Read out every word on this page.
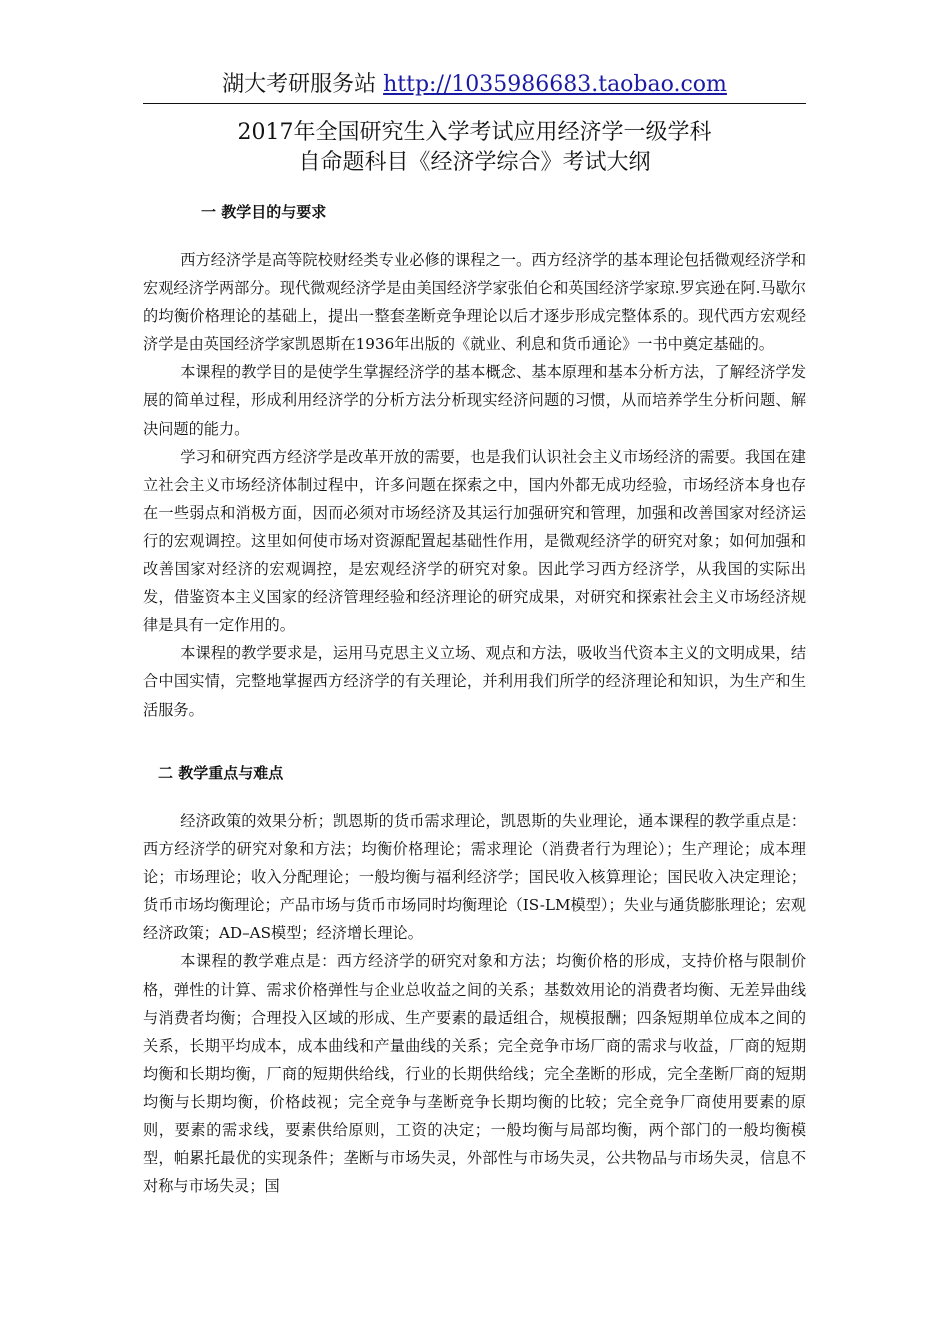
湖大考研服务站 http://1035986683.taobao.com
2017年全国研究生入学考试应用经济学一级学科
自命题科目《经济学综合》考试大纲
一 教学目的与要求

西方经济学是高等院校财经类专业必修的课程之一。西方经济学的基本理论包括微观经济学和宏观经济学两部分。现代微观经济学是由美国经济学家张伯仑和英国经济学家琼.罗宾逊在阿.马歇尔的均衡价格理论的基础上，提出一整套垄断竞争理论以后才逐步形成完整体系的。现代西方宏观经济学是由英国经济学家凯恩斯在1936年出版的《就业、利息和货币通论》一书中奠定基础的。

本课程的教学目的是使学生掌握经济学的基本概念、基本原理和基本分析方法，了解经济学发展的简单过程，形成利用经济学的分析方法分析现实经济问题的习惯，从而培养学生分析问题、解决问题的能力。

学习和研究西方经济学是改革开放的需要，也是我们认识社会主义市场经济的需要。我国在建立社会主义市场经济体制过程中，许多问题在探索之中，国内外都无成功经验，市场经济本身也存在一些弱点和消极方面，因而必须对市场经济及其运行加强研究和管理，加强和改善国家对经济运行的宏观调控。这里如何使市场对资源配置起基础性作用，是微观经济学的研究对象；如何加强和改善国家对经济的宏观调控，是宏观经济学的研究对象。因此学习西方经济学，从我国的实际出发，借鉴资本主义国家的经济管理经验和经济理论的研究成果，对研究和探索社会主义市场经济规律是具有一定作用的。

本课程的教学要求是，运用马克思主义立场、观点和方法，吸收当代资本主义的文明成果，结合中国实情，完整地掌握西方经济学的有关理论，并利用我们所学的经济理论和知识，为生产和生活服务。

二 教学重点与难点

经济政策的效果分析；凯恩斯的货币需求理论，凯恩斯的失业理论，通本课程的教学重点是：西方经济学的研究对象和方法；均衡价格理论；需求理论（消费者行为理论）；生产理论；成本理论；市场理论；收入分配理论；一般均衡与福利经济学；国民收入核算理论；国民收入决定理论；货币市场均衡理论；产品市场与货币市场同时均衡理论（IS-LM模型）；失业与通货膨胀理论；宏观经济政策；AD–AS模型；经济增长理论。

本课程的教学难点是：西方经济学的研究对象和方法；均衡价格的形成，支持价格与限制价格，弹性的计算、需求价格弹性与企业总收益之间的关系；基数效用论的消费者均衡、无差异曲线与消费者均衡；合理投入区域的形成、生产要素的最适组合，规模报酬；四条短期单位成本之间的关系，长期平均成本，成本曲线和产量曲线的关系；完全竞争市场厂商的需求与收益，厂商的短期均衡和长期均衡，厂商的短期供给线，行业的长期供给线；完全垄断的形成，完全垄断厂商的短期均衡与长期均衡，价格歧视；完全竞争与垄断竞争长期均衡的比较；完全竞争厂商使用要素的原则，要素的需求线，要素供给原则，工资的决定；一般均衡与局部均衡，两个部门的一般均衡模型，帕累托最优的实现条件；垄断与市场失灵，外部性与市场失灵，公共物品与市场失灵，信息不对称与市场失灵；国
